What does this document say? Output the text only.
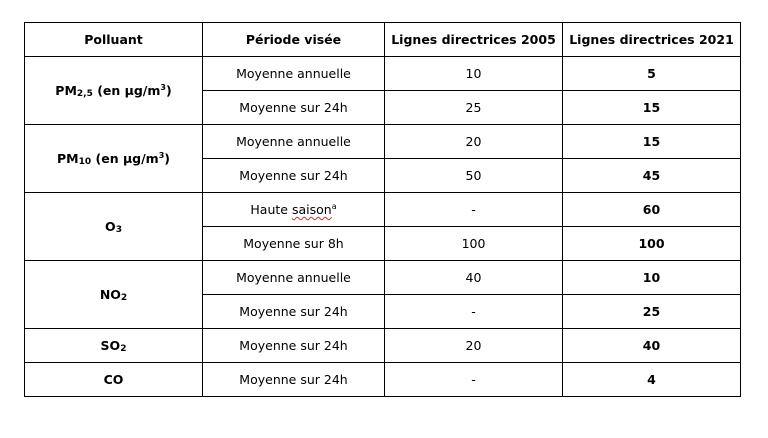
Polluant	Période visée	Lignes directrices 2005	Lignes directrices 2021
PM2,5 (en $\mu g/m^3$)	Moyenne annuelle	10	5
	Moyenne sur 24h	25	15
PM10 (en $\mu g/m^3$)	Moyenne annuelle	20	15
	Moyenne sur 24h	50	45
O3	Haute saison$^a$	-	60
	Moyenne sur 8h	100	100
NO2	Moyenne annuelle	40	10
	Moyenne sur 24h	-	25
SO2	Moyenne sur 24h	20	40
CO	Moyenne sur 24h	-	4
